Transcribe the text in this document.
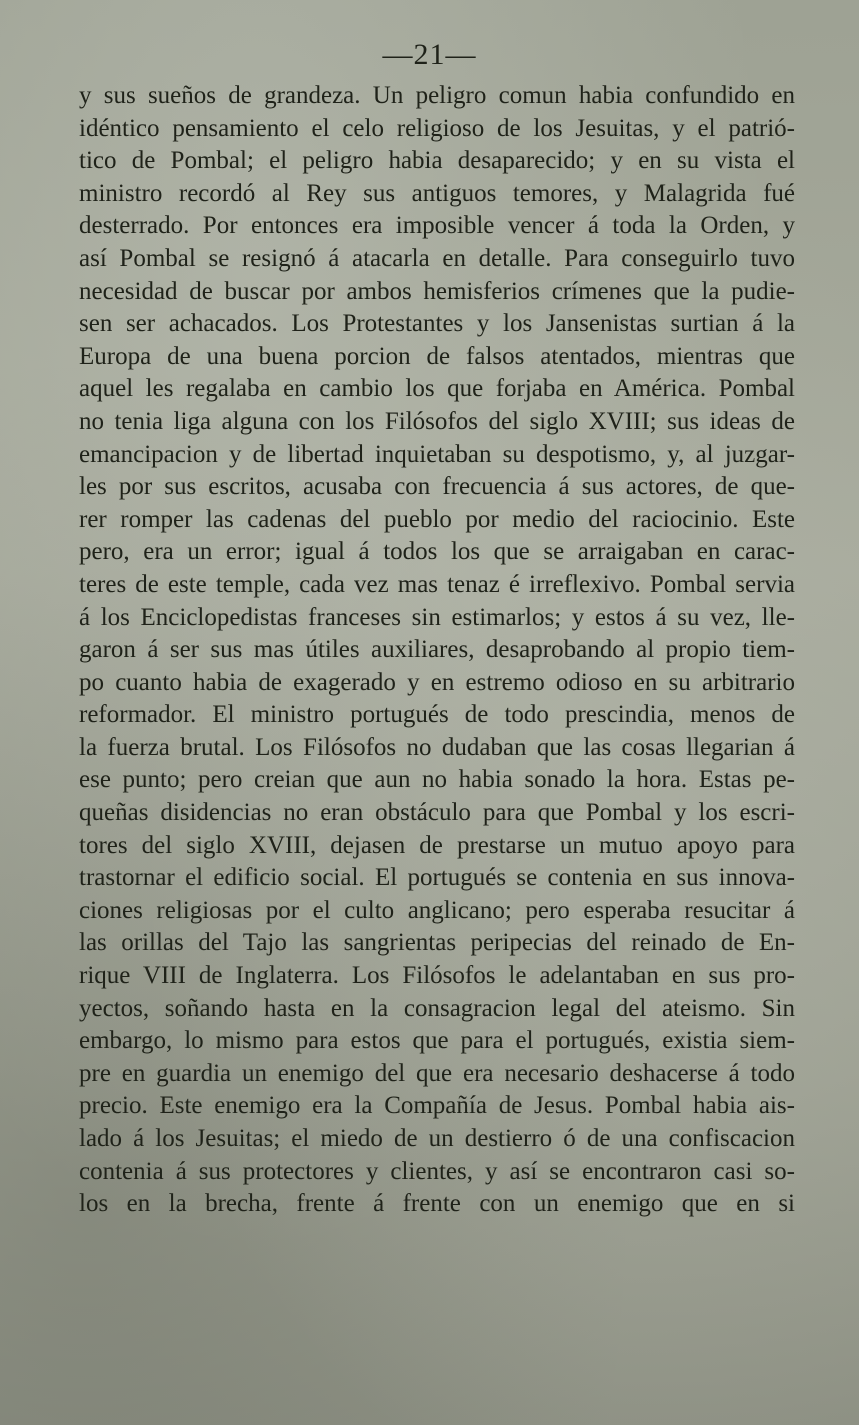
—21—
y sus sueños de grandeza. Un peligro comun habia confundido en
idéntico pensamiento el celo religioso de los Jesuitas, y el patrió-
tico de Pombal; el peligro habia desaparecido; y en su vista el
ministro recordó al Rey sus antiguos temores, y Malagrida fué
desterrado. Por entonces era imposible vencer á toda la Orden, y
así Pombal se resignó á atacarla en detalle. Para conseguirlo tuvo
necesidad de buscar por ambos hemisferios crímenes que la pudie-
sen ser achacados. Los Protestantes y los Jansenistas surtian á la
Europa de una buena porcion de falsos atentados, mientras que
aquel les regalaba en cambio los que forjaba en América. Pombal
no tenia liga alguna con los Filósofos del siglo XVIII; sus ideas de
emancipacion y de libertad inquietaban su despotismo, y, al juzgar-
les por sus escritos, acusaba con frecuencia á sus actores, de que-
rer romper las cadenas del pueblo por medio del raciocinio. Este
pero, era un error; igual á todos los que se arraigaban en carac-
teres de este temple, cada vez mas tenaz é irreflexivo. Pombal servia
á los Enciclopedistas franceses sin estimarlos; y estos á su vez, lle-
garon á ser sus mas útiles auxiliares, desaprobando al propio tiem-
po cuanto habia de exagerado y en estremo odioso en su arbitrario
reformador. El ministro portugués de todo prescindia, menos de
la fuerza brutal. Los Filósofos no dudaban que las cosas llegarian á
ese punto; pero creian que aun no habia sonado la hora. Estas pe-
queñas disidencias no eran obstáculo para que Pombal y los escri-
tores del siglo XVIII, dejasen de prestarse un mutuo apoyo para
trastornar el edificio social. El portugués se contenia en sus innova-
ciones religiosas por el culto anglicano; pero esperaba resucitar á
las orillas del Tajo las sangrientas peripecias del reinado de En-
rique VIII de Inglaterra. Los Filósofos le adelantaban en sus pro-
yectos, soñando hasta en la consagracion legal del ateismo. Sin
embargo, lo mismo para estos que para el portugués, existia siem-
pre en guardia un enemigo del que era necesario deshacerse á todo
precio. Este enemigo era la Compañía de Jesus. Pombal habia ais-
lado á los Jesuitas; el miedo de un destierro ó de una confiscacion
contenia á sus protectores y clientes, y así se encontraron casi so-
los en la brecha, frente á frente con un enemigo que en si
